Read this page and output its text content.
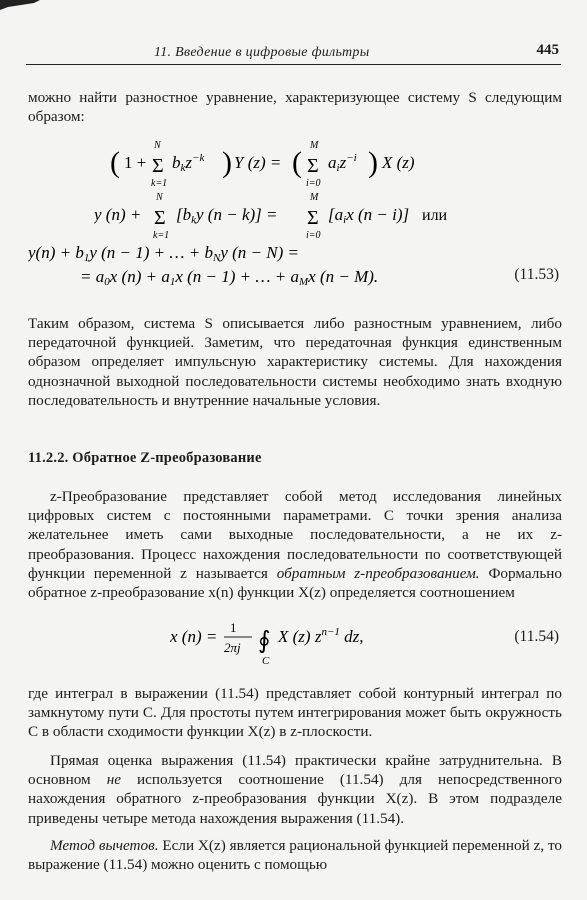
11. Введение в цифровые фильтры	445

можно найти разностное уравнение, характеризующее систему S следующим образом:

( 1 +
N
Σ
k=1
bkz$^{-k}$ ) Y (z) = (
M
Σ
i=0
aiz$^{-i}$ ) X (z)
y (n) +
N
Σ
k=1
[bky (n − k)] =
M
Σ
i=0
[aix (n − i)] или
y(n) + b1y (n − 1) + … + bNy (n − N) =
= a0x (n) + a1x (n − 1) + … + aMx (n − M).	(11.53)

Таким образом, система S описывается либо разностным уравнением, либо передаточной функцией. Заметим, что передаточная функция единственным образом определяет импульсную характеристику системы. Для нахождения однозначной выходной последовательности системы необходимо знать входную последовательность и внутренние начальные условия.

11.2.2. Обратное Z-преобразование

z-Преобразование представляет собой метод исследования линейных цифровых систем с постоянными параметрами. С точки зрения анализа желательнее иметь сами выходные последовательности, а не их z-преобразования. Процесс нахождения последовательности по соответствующей функции переменной z называется обратным z-преобразованием. Формально обратное z-преобразование x(n) функции X(z) определяется соотношением

x (n) = 1
2πj ∮
C
X (z) $z^{n-1}$ dz,	(11.54)

где интеграл в выражении (11.54) представляет собой контурный интеграл по замкнутому пути C. Для простоты путем интегрирования может быть окружность C в области сходимости функции X(z) в z-плоскости.

Прямая оценка выражения (11.54) практически крайне затруднительна. В основном не используется соотношение (11.54) для непосредственного нахождения обратного z-преобразования функции X(z). В этом подразделе приведены четыре метода нахождения выражения (11.54).

Метод вычетов. Если X(z) является рациональной функцией переменной z, то выражение (11.54) можно оценить с помощью
